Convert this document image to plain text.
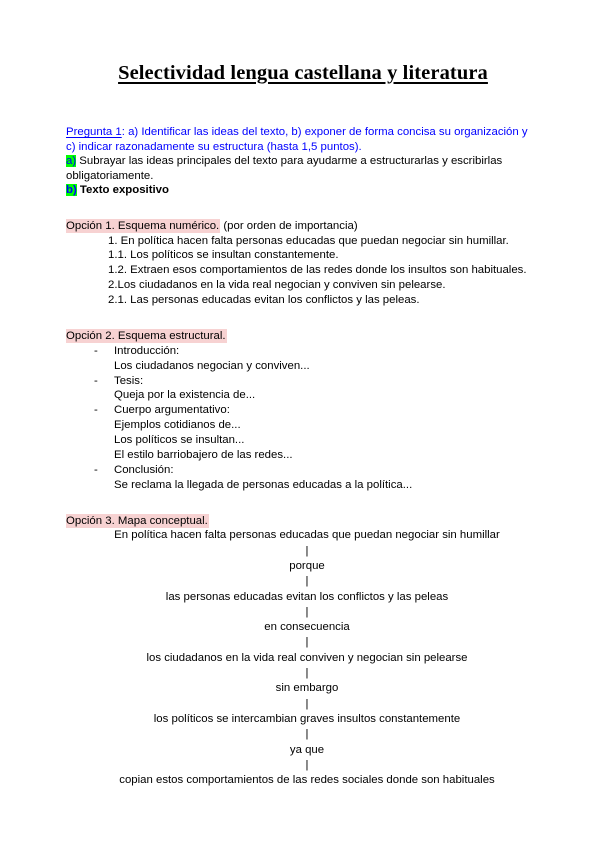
Selectividad lengua castellana y literatura
Pregunta 1: a) Identificar las ideas del texto, b) exponer de forma concisa su organización y
c) indicar razonadamente su estructura (hasta 1,5 puntos).
a) Subrayar las ideas principales del texto para ayudarme a estructurarlas y escribirlas
obligatoriamente.
b) Texto expositivo
Opción 1. Esquema numérico. (por orden de importancia)
1. En política hacen falta personas educadas que puedan negociar sin humillar.
1.1. Los políticos se insultan constantemente.
1.2. Extraen esos comportamientos de las redes donde los insultos son habituales.
2.Los ciudadanos en la vida real negocian y conviven sin pelearse.
2.1. Las personas educadas evitan los conflictos y las peleas.
Opción 2. Esquema estructural.
-	Introducción:
Los ciudadanos negocian y conviven...
-	Tesis:
Queja por la existencia de...
-	Cuerpo argumentativo:
Ejemplos cotidianos de...
Los políticos se insultan...
El estilo barriobajero de las redes...
-	Conclusión:
Se reclama la llegada de personas educadas a la política...
Opción 3. Mapa conceptual.
En política hacen falta personas educadas que puedan negociar sin humillar
|
porque
|
las personas educadas evitan los conflictos y las peleas
|
en consecuencia
|
los ciudadanos en la vida real conviven y negocian sin pelearse
|
sin embargo
|
los políticos se intercambian graves insultos constantemente
|
ya que
|
copian estos comportamientos de las redes sociales donde son habituales
